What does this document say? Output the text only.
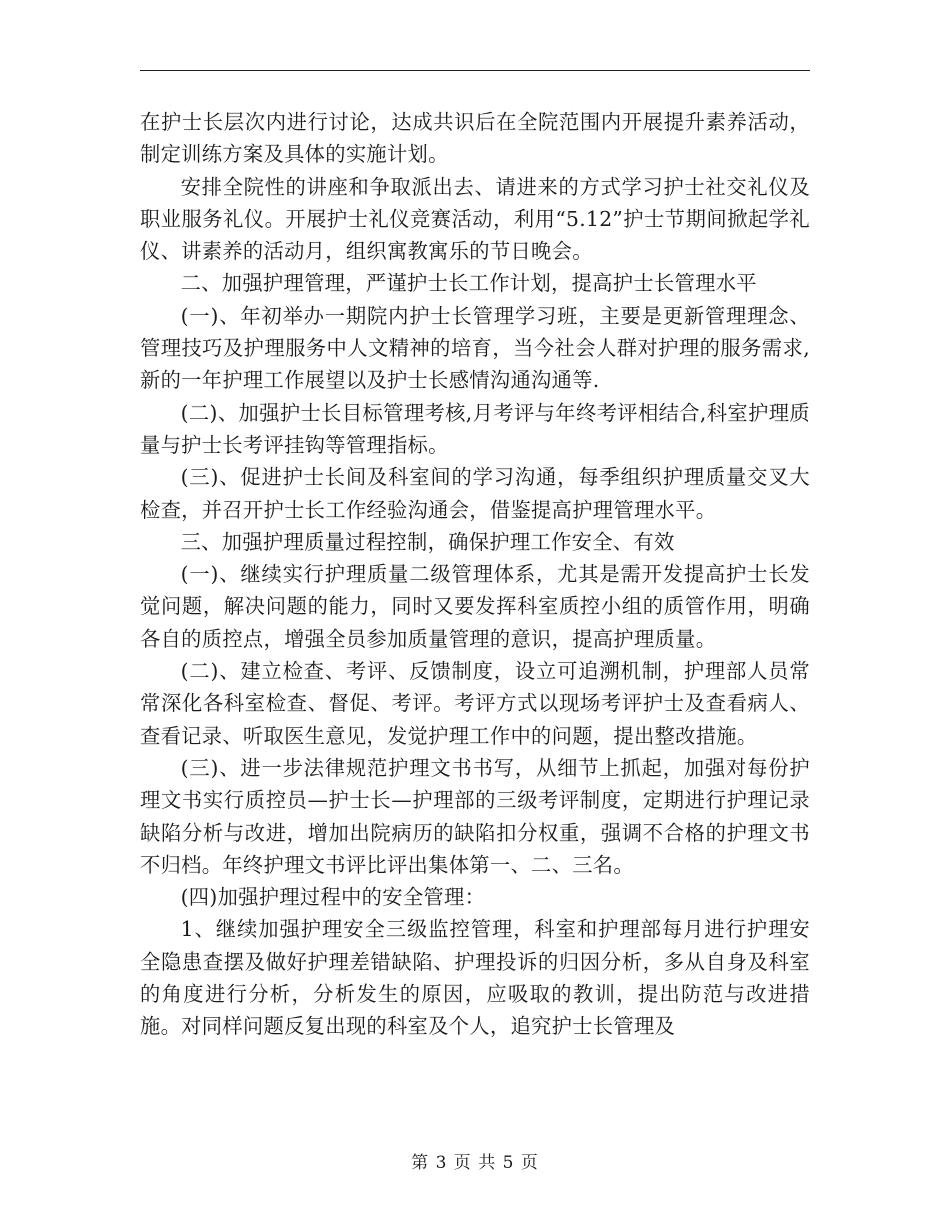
在护士长层次内进行讨论，达成共识后在全院范围内开展提升素养活动，制定训练方案及具体的实施计划。

安排全院性的讲座和争取派出去、请进来的方式学习护士社交礼仪及职业服务礼仪。开展护士礼仪竞赛活动，利用“5.12”护士节期间掀起学礼仪、讲素养的活动月，组织寓教寓乐的节日晚会。

二、加强护理管理，严谨护士长工作计划，提高护士长管理水平

(一)、年初举办一期院内护士长管理学习班，主要是更新管理理念、管理技巧及护理服务中人文精神的培育，当今社会人群对护理的服务需求,新的一年护理工作展望以及护士长感情沟通沟通等.

(二)、加强护士长目标管理考核,月考评与年终考评相结合,科室护理质量与护士长考评挂钩等管理指标。

(三)、促进护士长间及科室间的学习沟通，每季组织护理质量交叉大检查，并召开护士长工作经验沟通会，借鉴提高护理管理水平。

三、加强护理质量过程控制，确保护理工作安全、有效

(一)、继续实行护理质量二级管理体系，尤其是需开发提高护士长发觉问题，解决问题的能力，同时又要发挥科室质控小组的质管作用，明确各自的质控点，增强全员参加质量管理的意识，提高护理质量。

(二)、建立检查、考评、反馈制度，设立可追溯机制，护理部人员常常深化各科室检查、督促、考评。考评方式以现场考评护士及查看病人、查看记录、听取医生意见，发觉护理工作中的问题，提出整改措施。

(三)、进一步法律规范护理文书书写，从细节上抓起，加强对每份护理文书实行质控员—护士长—护理部的三级考评制度，定期进行护理记录缺陷分析与改进，增加出院病历的缺陷扣分权重，强调不合格的护理文书不归档。年终护理文书评比评出集体第一、二、三名。

(四)加强护理过程中的安全管理：

1、继续加强护理安全三级监控管理，科室和护理部每月进行护理安全隐患查摆及做好护理差错缺陷、护理投诉的归因分析，多从自身及科室的角度进行分析，分析发生的原因，应吸取的教训，提出防范与改进措施。对同样问题反复出现的科室及个人，追究护士长管理及

第 3 页 共 5 页
